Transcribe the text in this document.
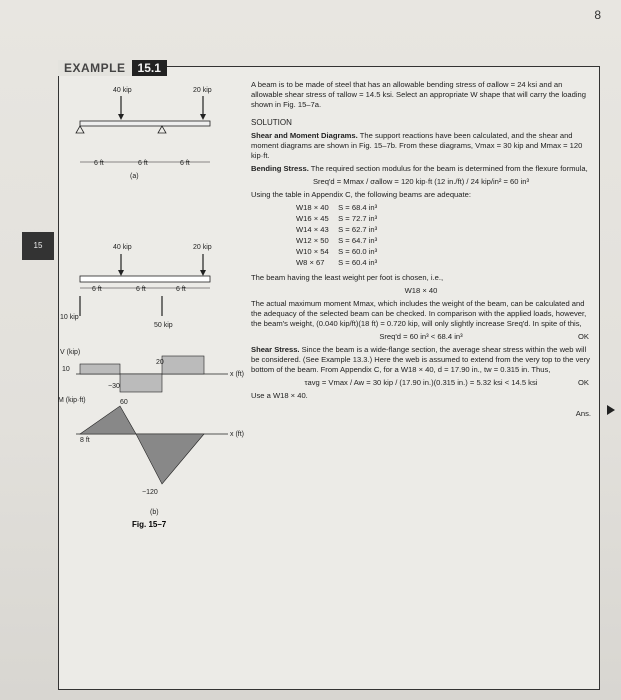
8
EXAMPLE	15.1
15
40 kip	20 kip
6 ft	6 ft	6 ft
(a)
40 kip	20 kip
6 ft	6 ft	6 ft
10 kip
50 kip
V (kip)
10
20
−30
x (ft)
M (kip·ft)	60
8 ft
x (ft)
−120
(b)
Fig. 15–7

A beam is to be made of steel that has an allowable bending stress of σallow = 24 ksi and an allowable shear stress of τallow = 14.5 ksi. Select an appropriate W shape that will carry the loading shown in Fig. 15–7a.

SOLUTION

Shear and Moment Diagrams. The support reactions have been calculated, and the shear and moment diagrams are shown in Fig. 15–7b. From these diagrams, Vmax = 30 kip and Mmax = 120 kip·ft.

Bending Stress. The required section modulus for the beam is determined from the flexure formula,

Sreq'd = Mmax / σallow = 120 kip·ft (12 in./ft) / 24 kip/in² = 60 in³

Using the table in Appendix C, the following beams are adequate:

W18 × 40 S = 68.4 in³
W16 × 45 S = 72.7 in³
W14 × 43 S = 62.7 in³
W12 × 50 S = 64.7 in³
W10 × 54 S = 60.0 in³
W8 × 67 S = 60.4 in³

The beam having the least weight per foot is chosen, i.e.,

W18 × 40

The actual maximum moment Mmax, which includes the weight of the beam, can be calculated and the adequacy of the selected beam can be checked. In comparison with the applied loads, however, the beam's weight, (0.040 kip/ft)(18 ft) = 0.720 kip, will only slightly increase Sreq'd. In spite of this,

Sreq'd = 60 in³ < 68.4 in³	OK

Shear Stress. Since the beam is a wide-flange section, the average shear stress within the web will be considered. (See Example 13.3.) Here the web is assumed to extend from the very top to the very bottom of the beam. From Appendix C, for a W18 × 40, d = 17.90 in., tw = 0.315 in. Thus,

τavg = Vmax / Aw = 30 kip / (17.90 in.)(0.315 in.) = 5.32 ksi < 14.5 ksi	OK

Use a W18 × 40.

Ans.
